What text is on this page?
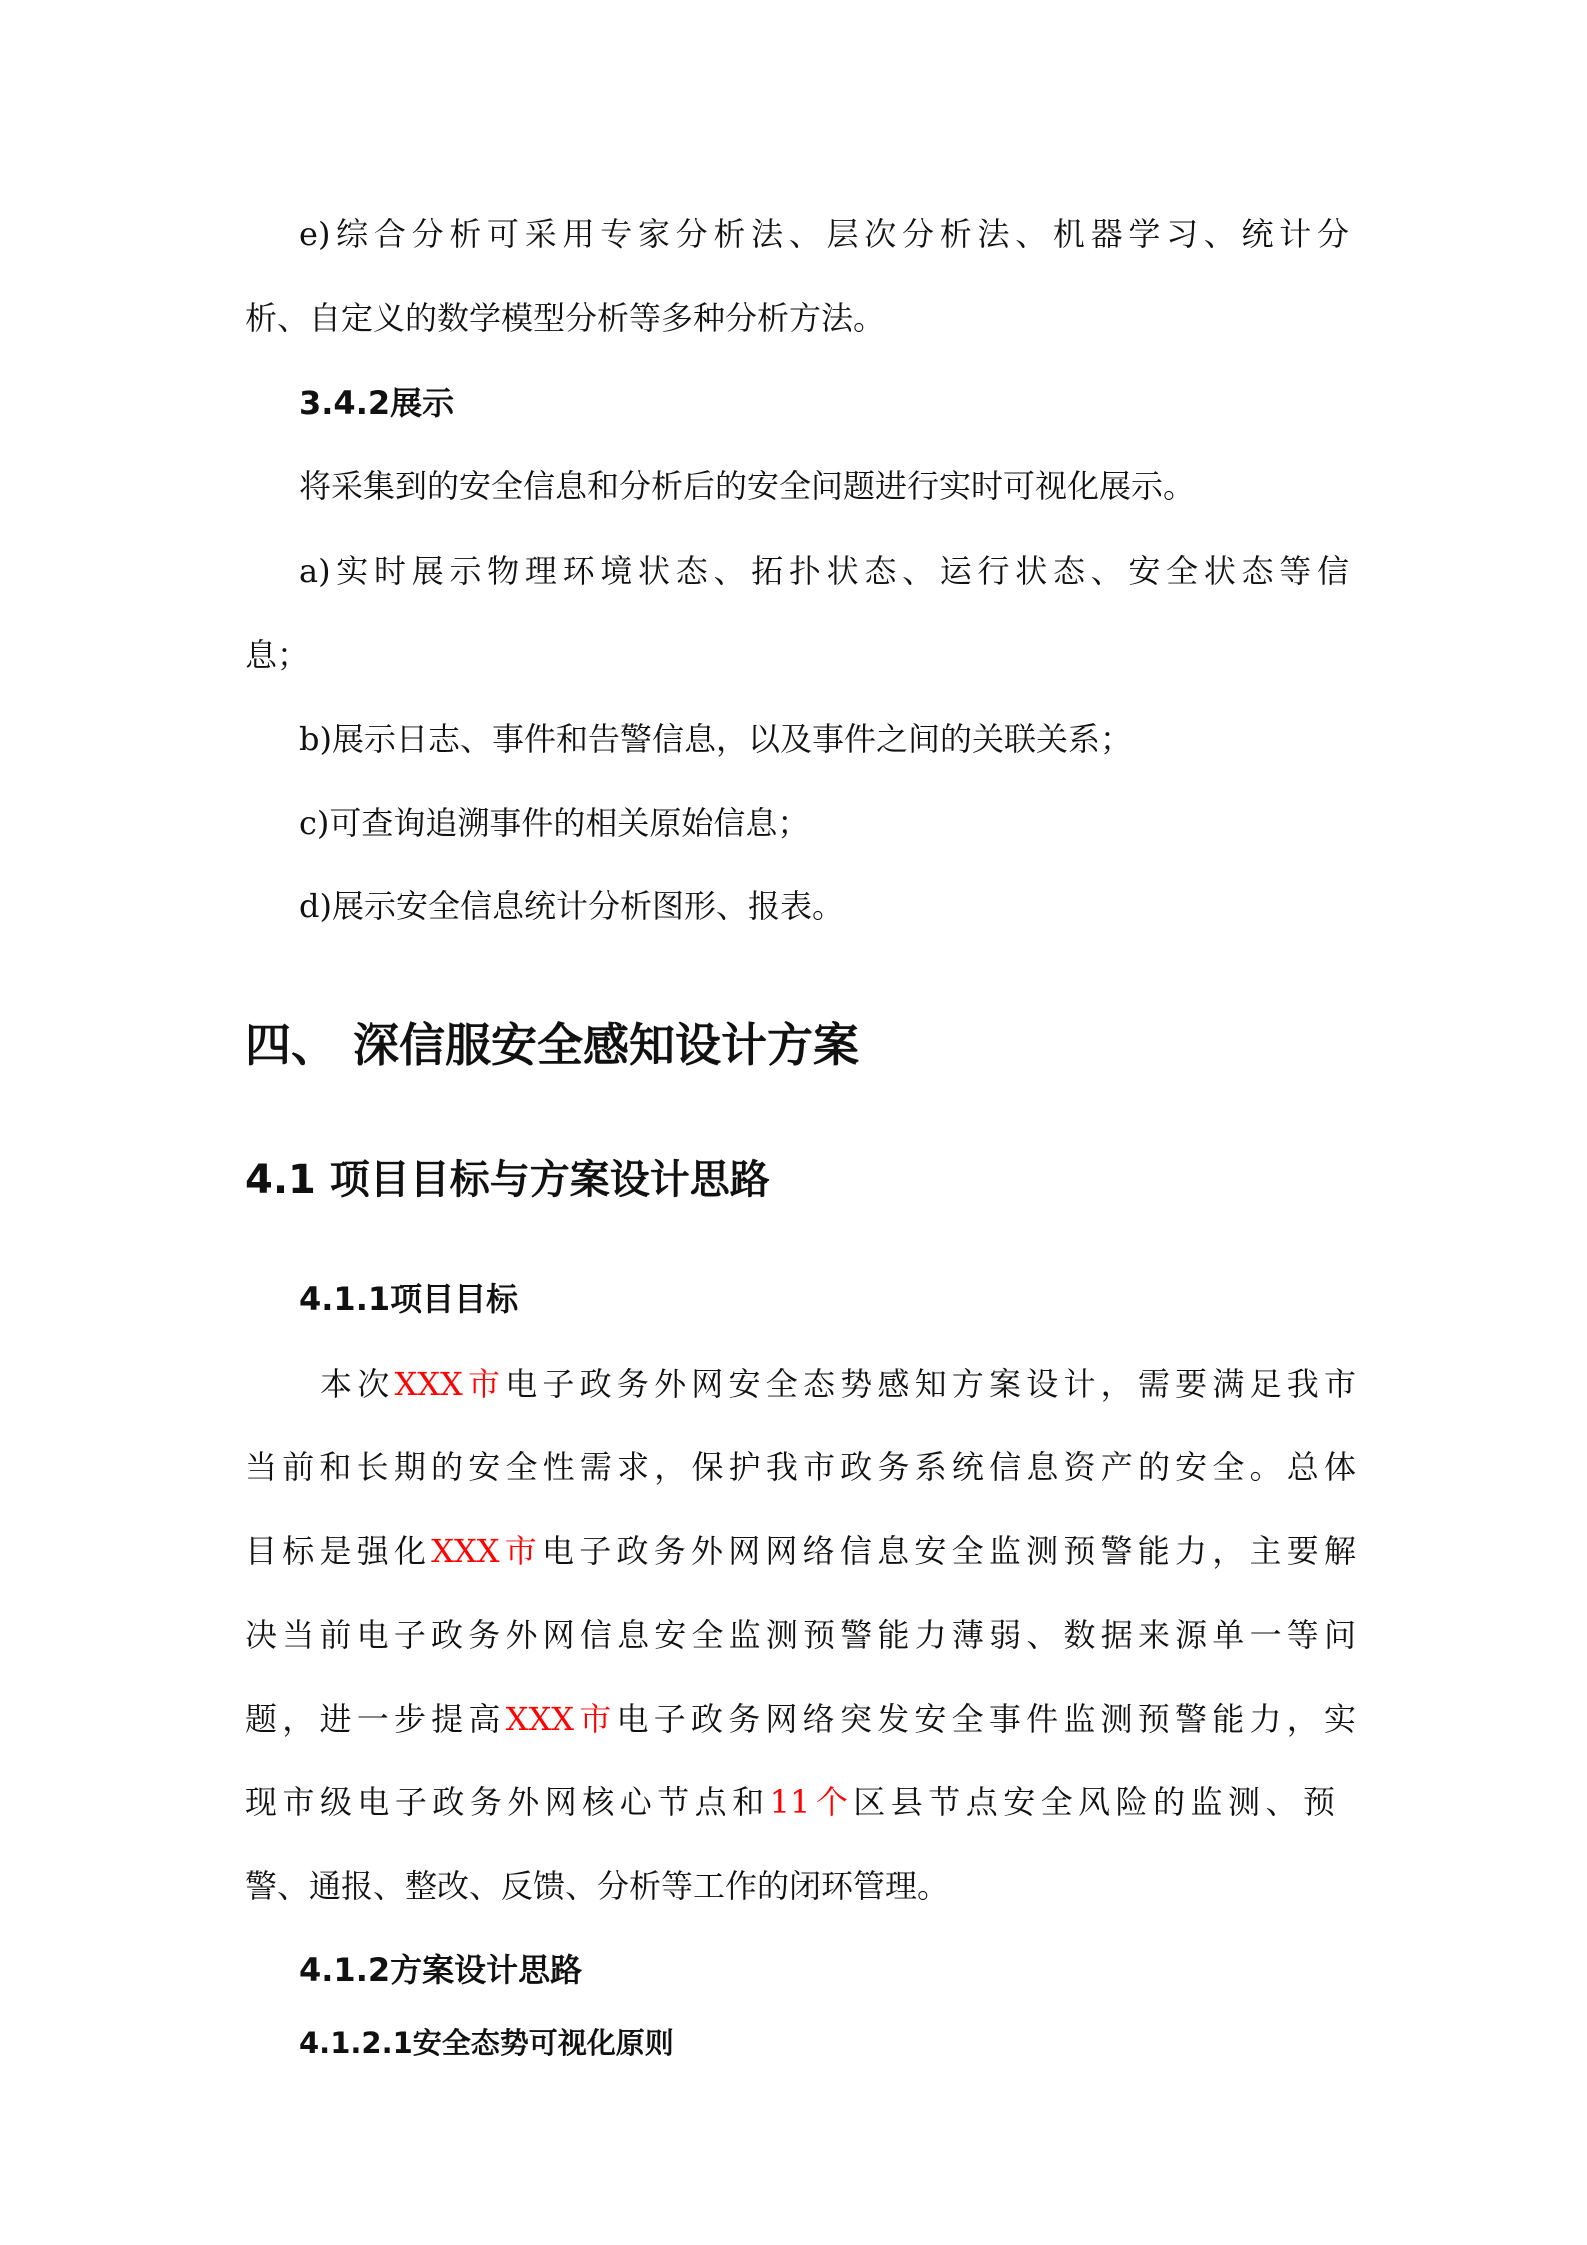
e)综合分析可采用专家分析法、层次分析法、机器学习、统计分
析、自定义的数学模型分析等多种分析方法。
3.4.2展示
将采集到的安全信息和分析后的安全问题进行实时可视化展示。
a)实时展示物理环境状态、拓扑状态、运行状态、安全状态等信
息；
b)展示日志、事件和告警信息，以及事件之间的关联关系；
c)可查询追溯事件的相关原始信息；
d)展示安全信息统计分析图形、报表。
四、 深信服安全感知设计方案
4.1 项目目标与方案设计思路
4.1.1项目目标
本次XXX市电子政务外网安全态势感知方案设计，需要满足我市
当前和长期的安全性需求，保护我市政务系统信息资产的安全。总体
目标是强化XXX市电子政务外网网络信息安全监测预警能力，主要解
决当前电子政务外网信息安全监测预警能力薄弱、数据来源单一等问
题，进一步提高XXX市电子政务网络突发安全事件监测预警能力，实
现市级电子政务外网核心节点和11个区县节点安全风险的监测、预
警、通报、整改、反馈、分析等工作的闭环管理。
4.1.2方案设计思路
4.1.2.1安全态势可视化原则
